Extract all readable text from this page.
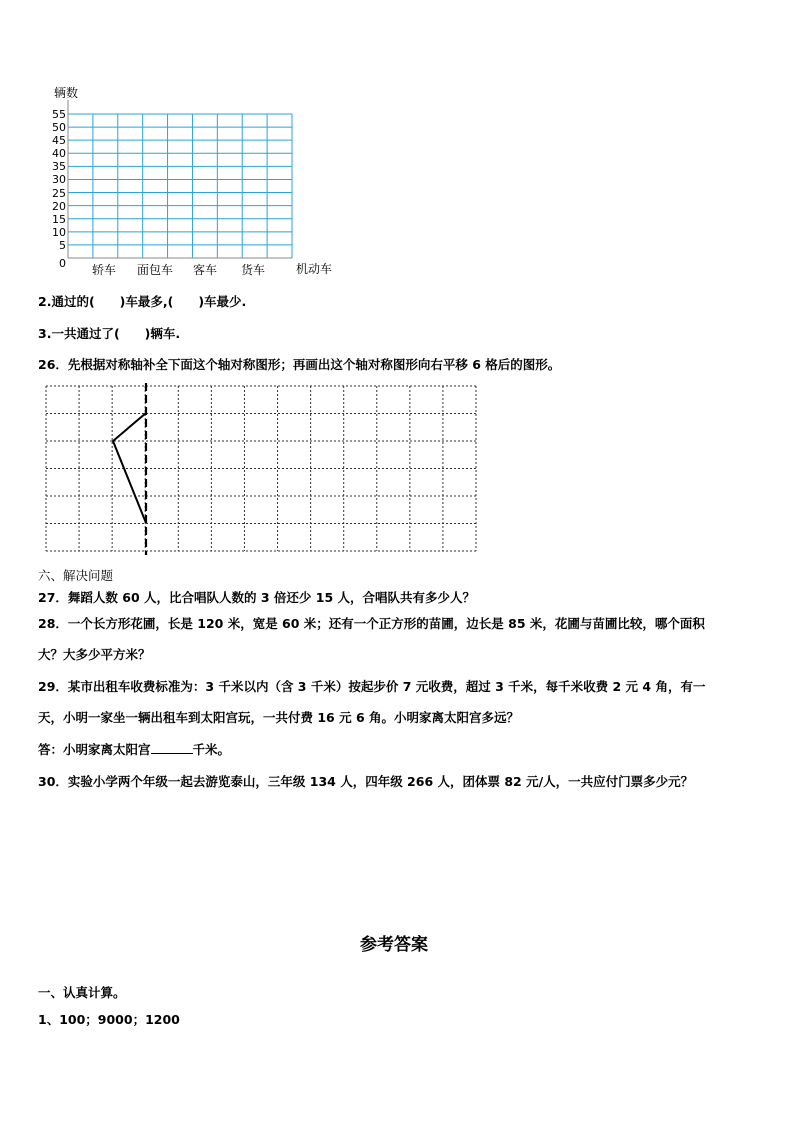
辆数
55
50
45
40
35
30
25
20
15
10
5
0 轿车 面包车 客车 货车	机动车
2.通过的(　　)车最多,(　　)车最少.
3.一共通过了(　　)辆车.
26．先根据对称轴补全下面这个轴对称图形；再画出这个轴对称图形向右平移 6 格后的图形。
六、解决问题
27．舞蹈人数 60 人，比合唱队人数的 3 倍还少 15 人，合唱队共有多少人？
28．一个长方形花圃，长是 120 米，宽是 60 米；还有一个正方形的苗圃，边长是 85 米，花圃与苗圃比较，哪个面积
大？大多少平方米？
29．某市出租车收费标准为：3 千米以内（含 3 千米）按起步价 7 元收费，超过 3 千米，每千米收费 2 元 4 角，有一
天，小明一家坐一辆出租车到太阳宫玩，一共付费 16 元 6 角。小明家离太阳宫多远？
答：小明家离太阳宫	千米。
30．实验小学两个年级一起去游览泰山，三年级 134 人，四年级 266 人，团体票 82 元/人，一共应付门票多少元？
参考答案
一、认真计算。
1、100；9000；1200
